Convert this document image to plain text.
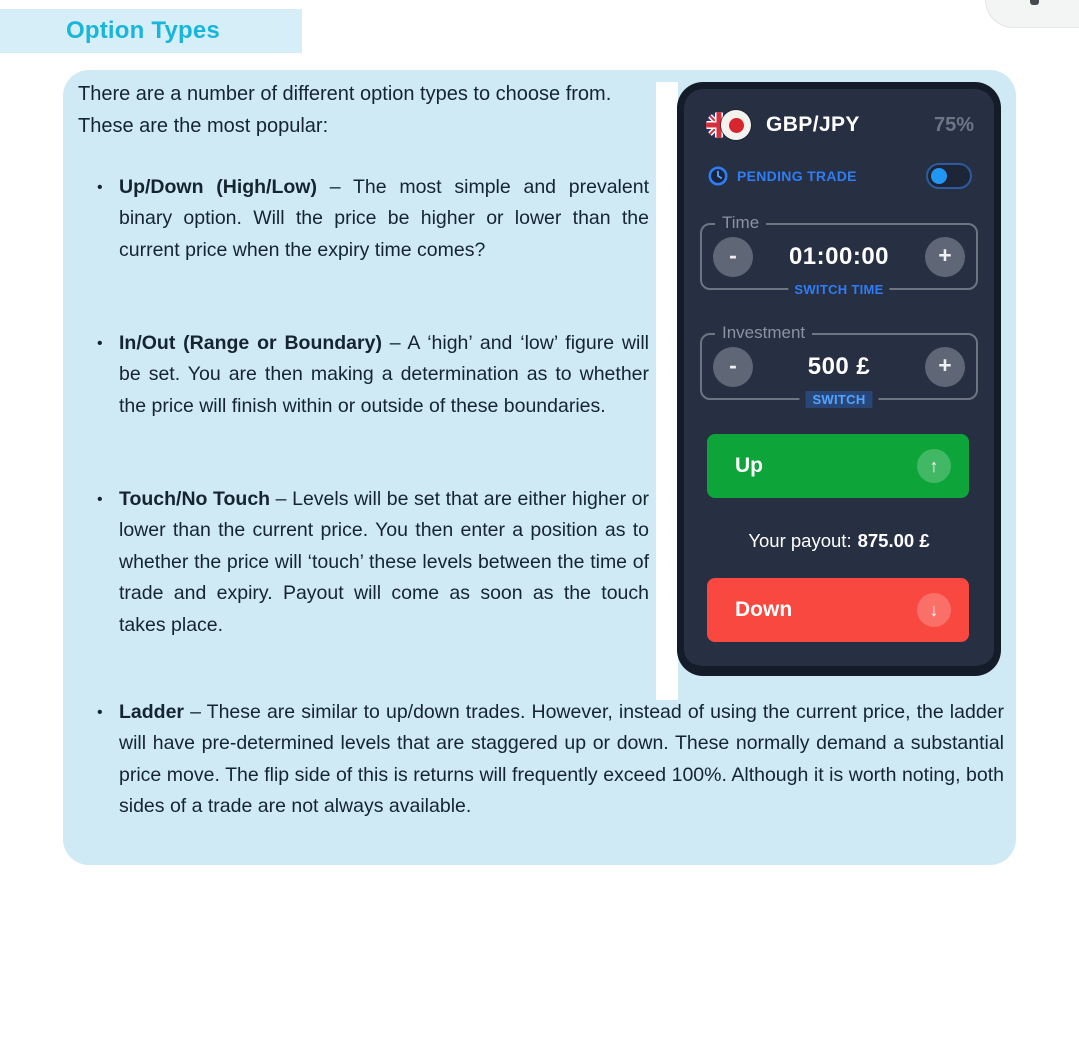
Option Types
There are a number of different option types to choose from. These are the most popular:
• Up/Down (High/Low) – The most simple and prevalent binary option. Will the price be higher or lower than the current price when the expiry time comes?
• In/Out (Range or Boundary) – A ‘high’ and ‘low’ figure will be set. You are then making a determination as to whether the price will finish within or outside of these boundaries.
• Touch/No Touch – Levels will be set that are either higher or lower than the current price. You then enter a position as to whether the price will ‘touch’ these levels between the time of trade and expiry. Payout will come as soon as the touch takes place.
• Ladder – These are similar to up/down trades. However, instead of using the current price, the ladder will have pre-determined levels that are staggered up or down. These normally demand a substantial price move. The flip side of this is returns will frequently exceed 100%. Although it is worth noting, both sides of a trade are not always available.
GBP/JPY	75%
PENDING TRADE
Time
-	01:00:00	+
SWITCH TIME
Investment
-	500 £	+
SWITCH
Up	↑
Your payout: 875.00 £
Down	↓
